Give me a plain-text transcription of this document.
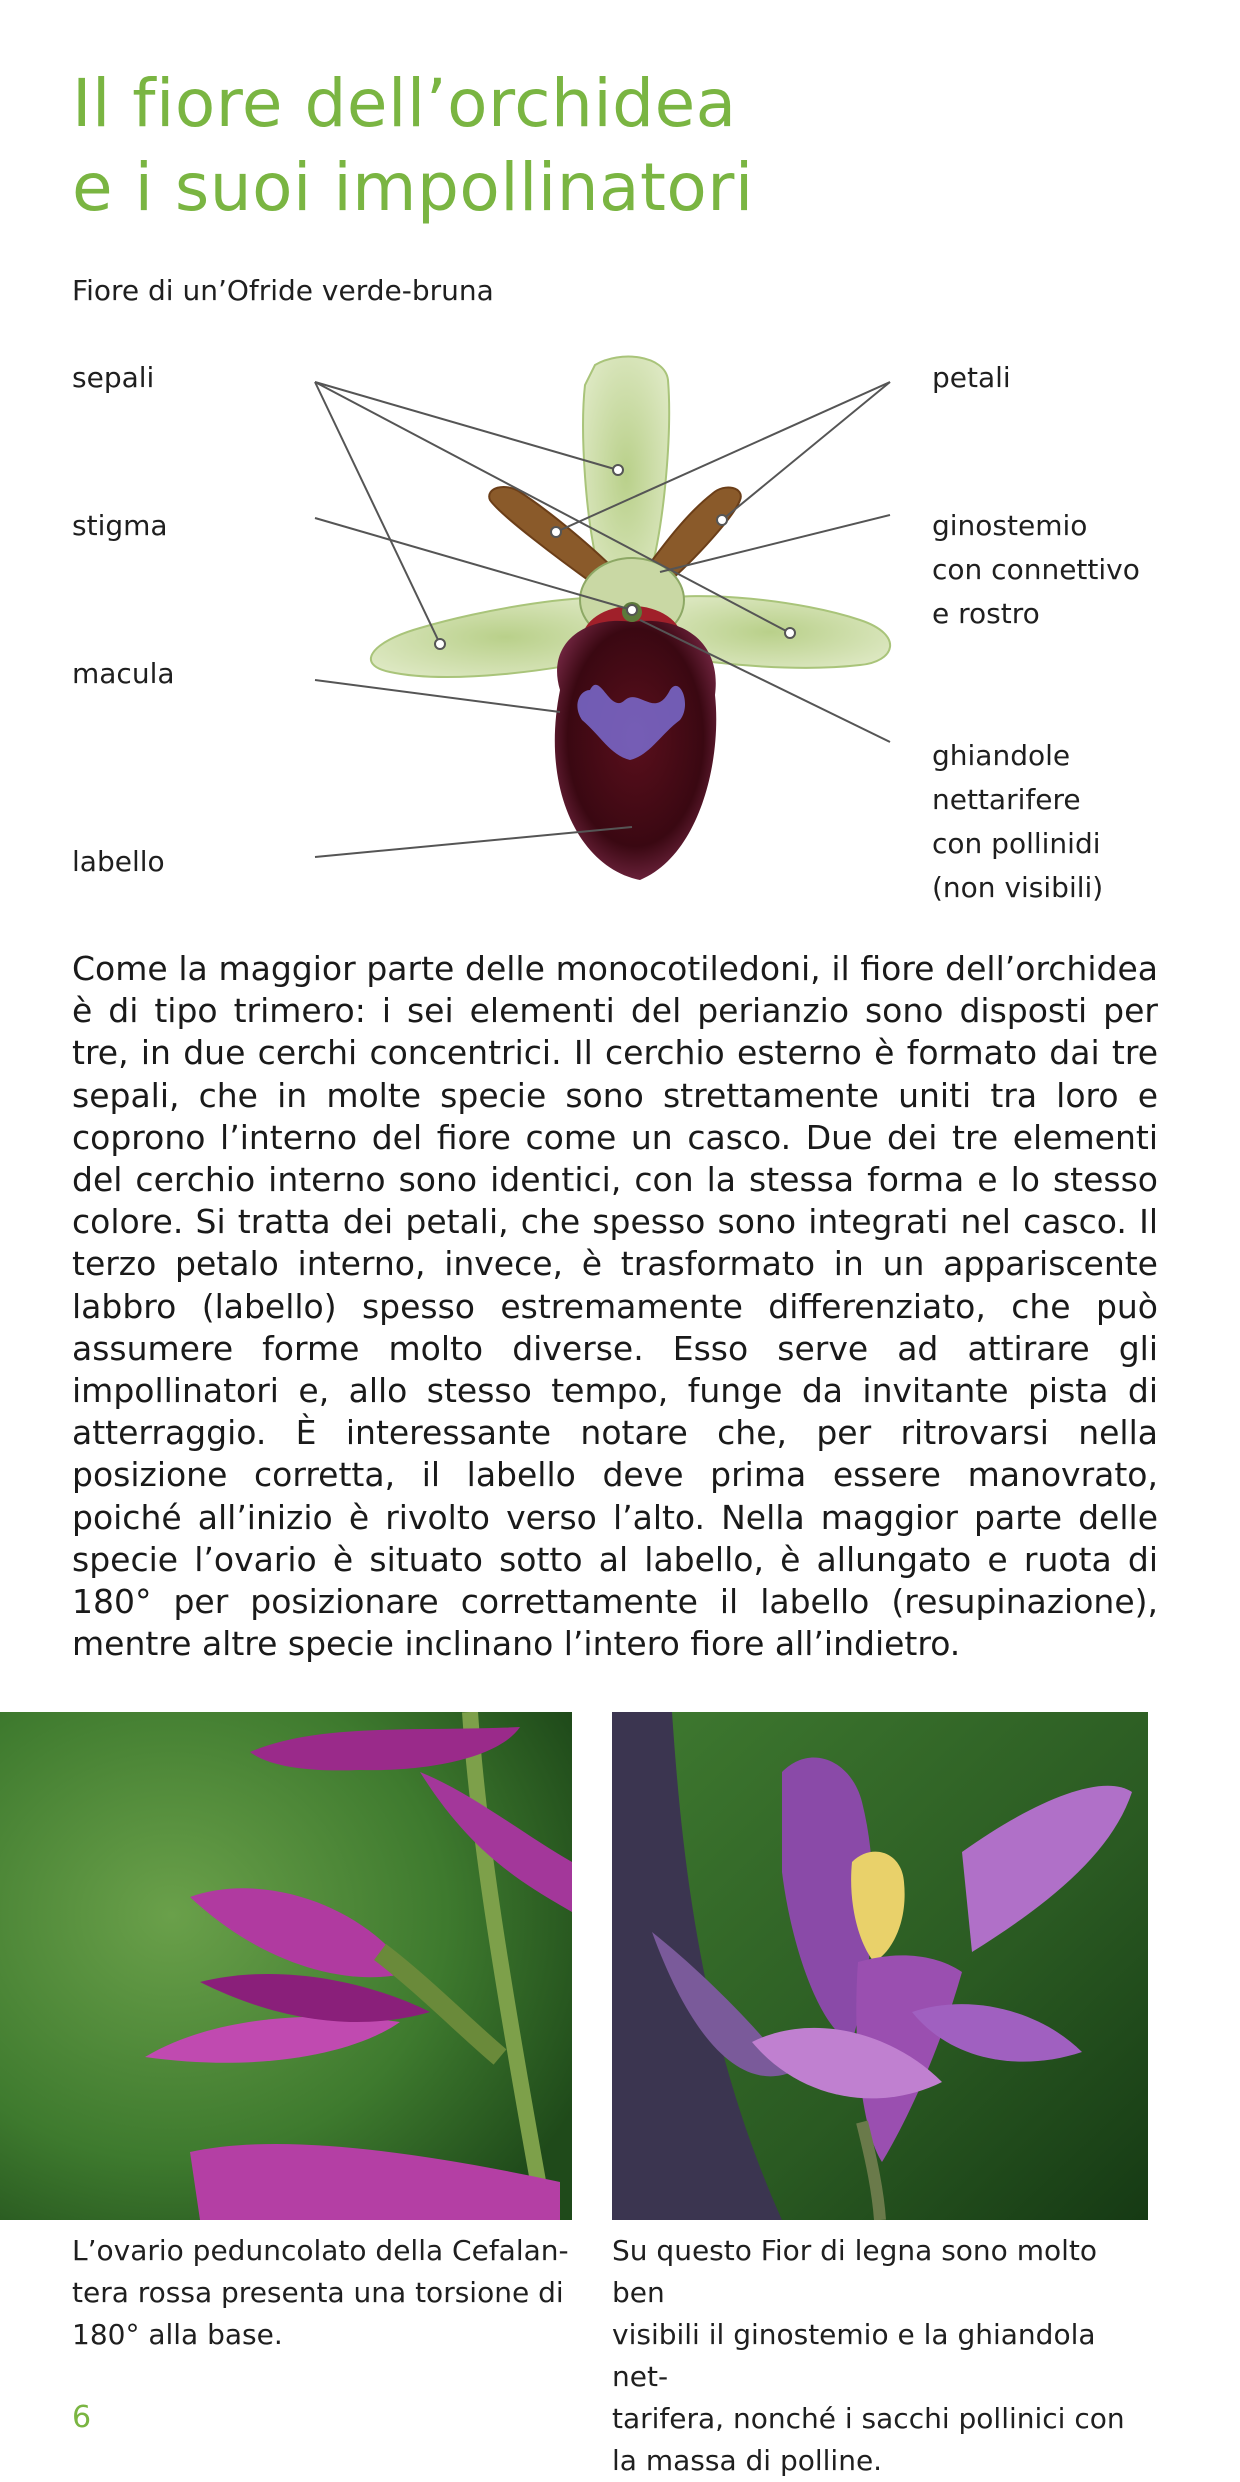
Il fiore dell’orchidea
e i suoi impollinatori
Fiore di un’Ofride verde-bruna
sepali
stigma
macula
labello
petali
ginostemio
con connettivo
e rostro
ghiandole
nettarifere
con pollinidi
(non visibili)

Come la maggior parte delle monocotiledoni, il fiore dell’orchidea è di tipo trimero: i sei elementi del perianzio sono disposti per tre, in due cerchi concentrici. Il cerchio esterno è formato dai tre sepali, che in molte specie sono strettamente uniti tra loro e coprono l’interno del fiore come un casco. Due dei tre elementi del cerchio interno sono identici, con la stessa forma e lo stesso colore. Si tratta dei petali, che spesso sono integrati nel casco. Il terzo petalo interno, invece, è trasformato in un appariscente labbro (labello) spesso estremamente differenziato, che può assumere forme molto diverse. Esso serve ad attirare gli impollinatori e, allo stesso tempo, funge da invitante pista di atterraggio. È interessante notare che, per ritrovarsi nella posizione corretta, il labello deve prima essere manovrato, poiché all’inizio è rivolto verso l’alto. Nella maggior parte delle specie l’ovario è situato sotto al labello, è allungato e ruota di 180° per posizionare correttamente il labello (resupinazione), mentre altre specie inclinano l’intero fiore all’indietro.

L’ovario peduncolato della Cefalan-
tera rossa presenta una torsione di
180° alla base.
Su questo Fior di legna sono molto ben
visibili il ginostemio e la ghiandola net-
tarifera, nonché i sacchi pollinici con
la massa di polline.
6
